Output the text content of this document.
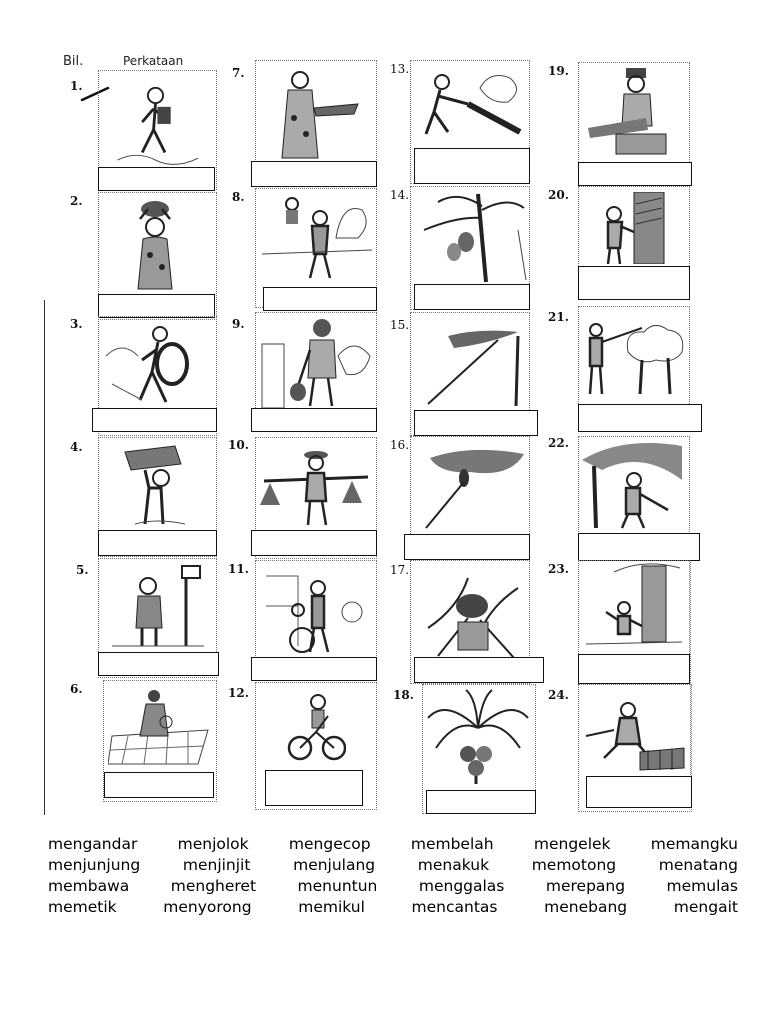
Bil.	Perkataan
1.
2.
3.
4.
5.
6.
7.
8.
9.
10.
11.
12.
13.
14.
15.
16.
17.
18.
19.
20.
21.
22.
23.
24.
mengandar	menjolok	mengecop	membelah	mengelek	memangku
menjunjung	menjinjit	menjulang	menakuk	memotong	menatang
membawa	mengheret	menuntun	menggalas	merepang	memulas
memetik	menyorong	memikul	mencantas	menebang	mengait
